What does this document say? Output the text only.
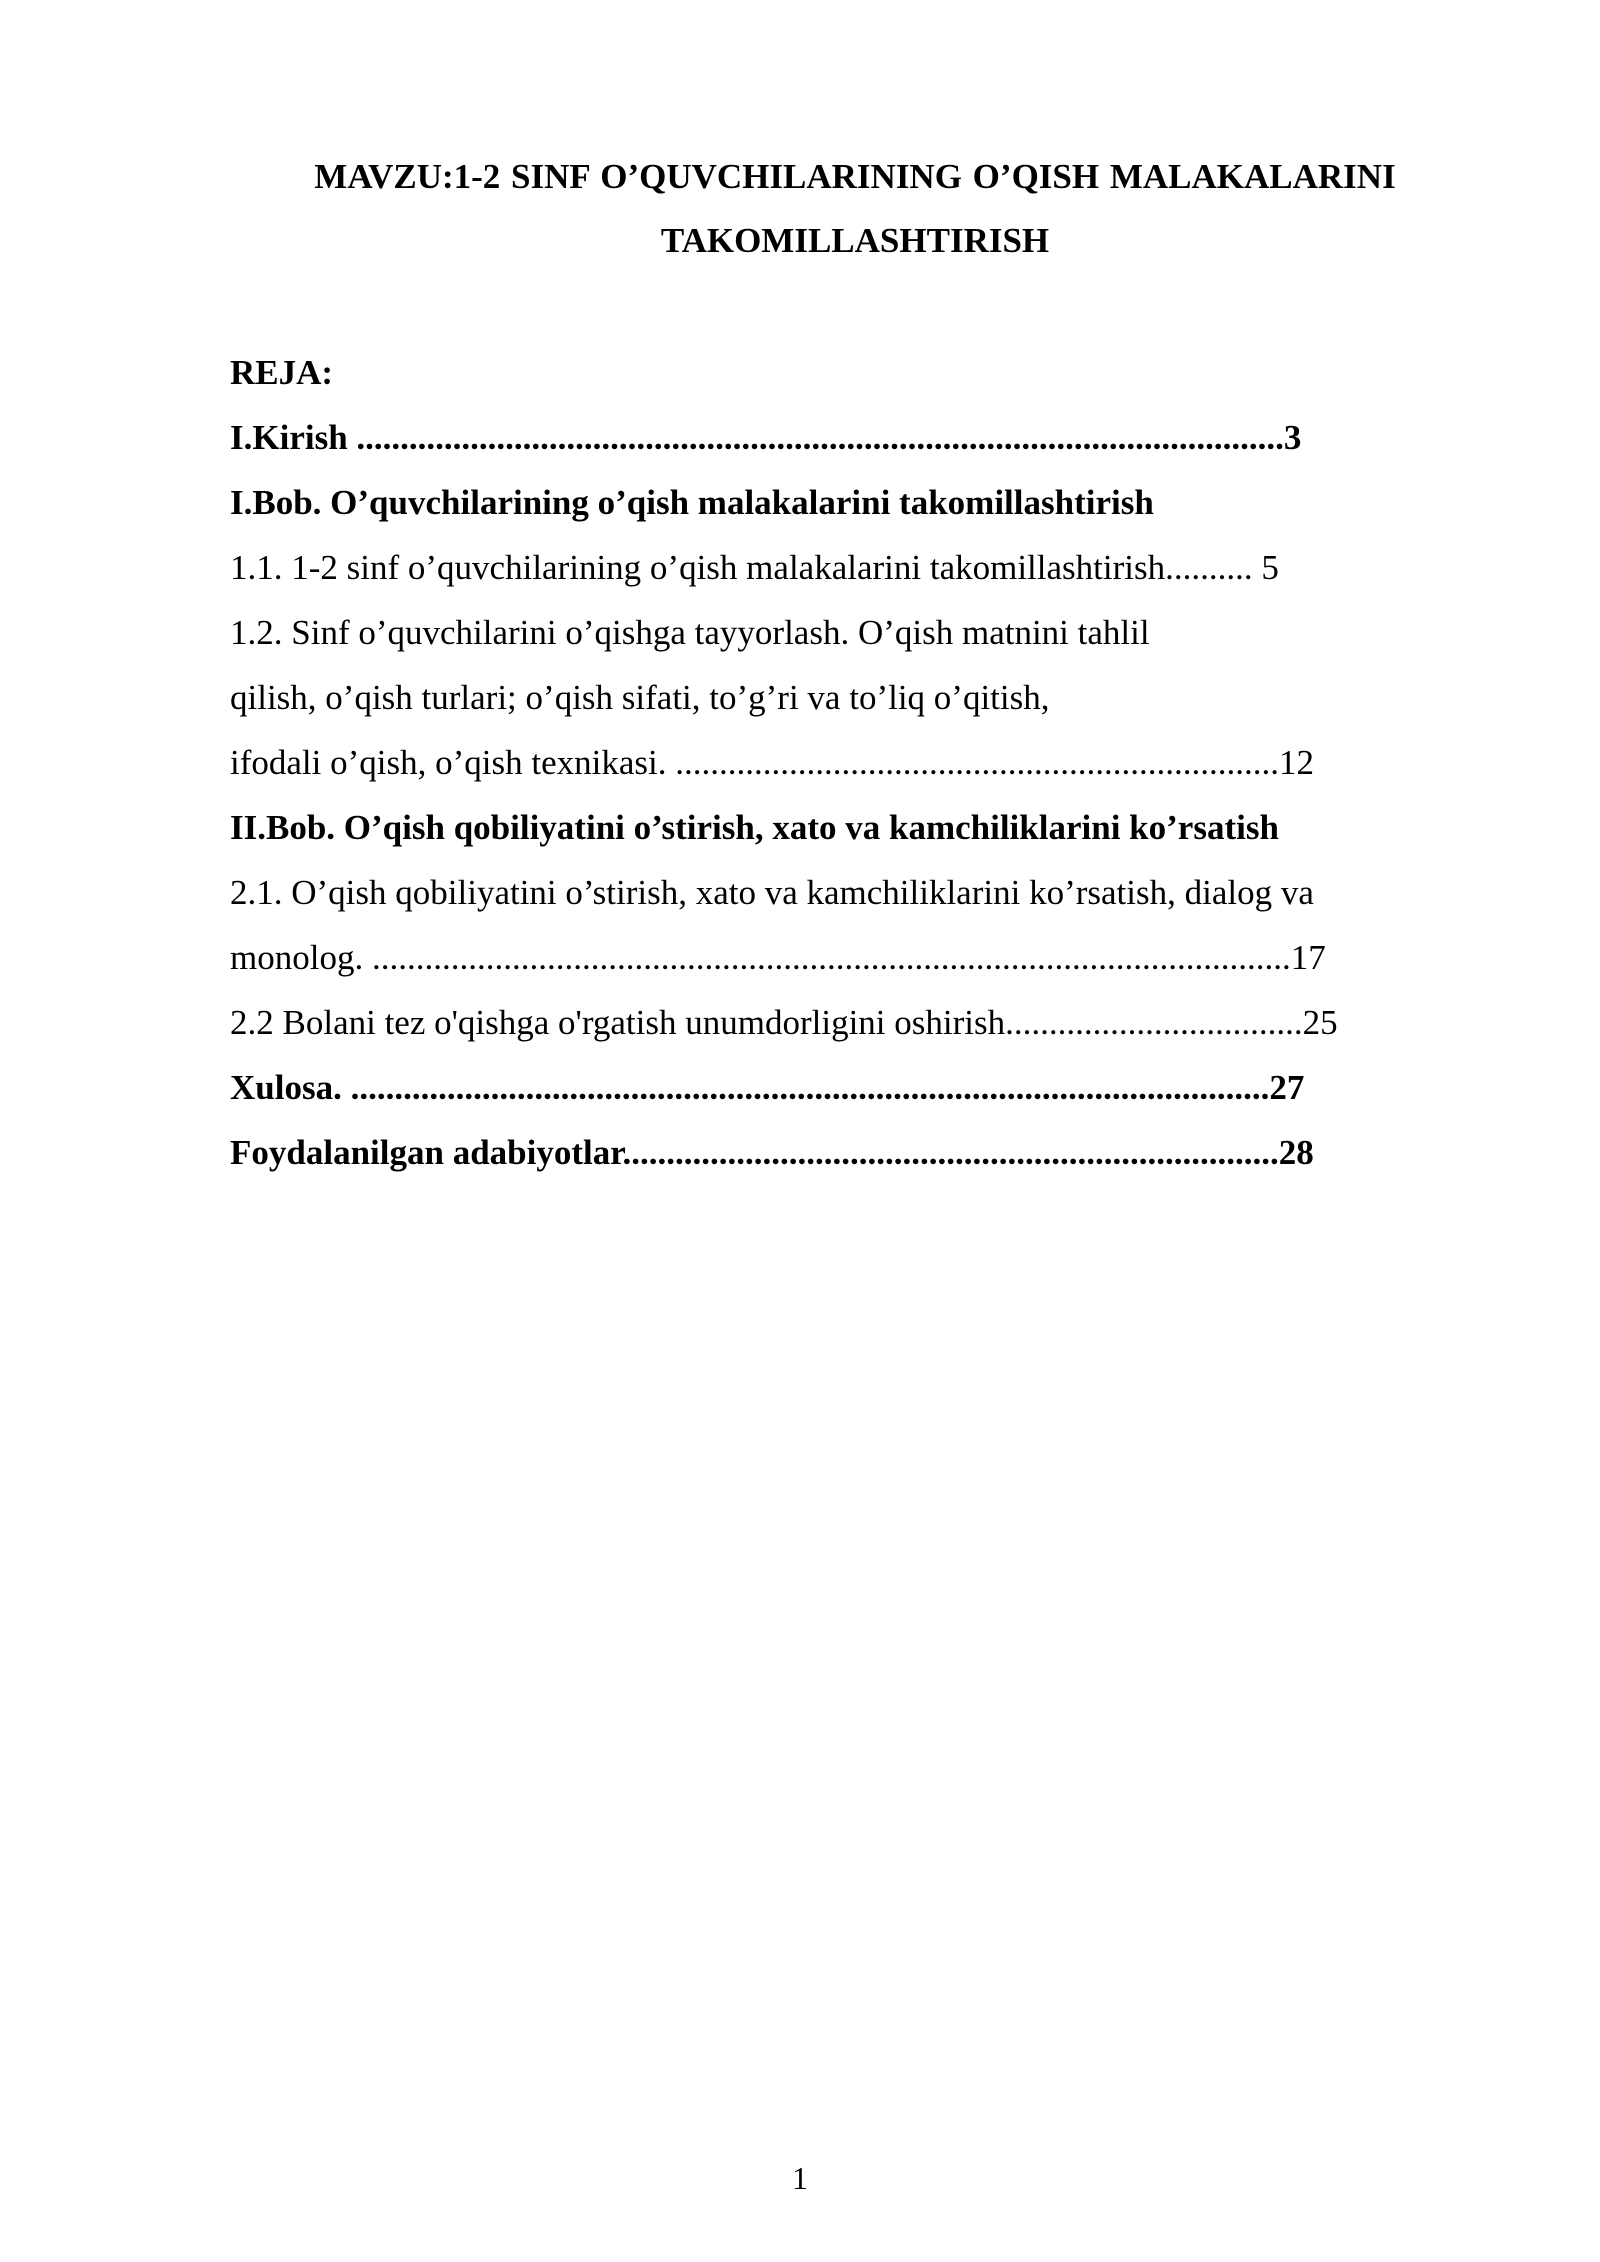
MAVZU:1-2 SINF O’QUVCHILARINING O’QISH MALAKALARINI
TAKOMILLASHTIRISH
REJA:
I.Kirish ..........................................................................................................3
I.Bob. O’quvchilarining o’qish malakalarini takomillashtirish
1.1. 1-2 sinf o’quvchilarining o’qish malakalarini takomillashtirish.......... 5
1.2. Sinf o’quvchilarini o’qishga tayyorlash. O’qish matnini tahlil
qilish, o’qish turlari; o’qish sifati, to’g’ri va to’liq o’qitish,
ifodali o’qish, o’qish texnikasi. .....................................................................12
II.Bob. O’qish qobiliyatini o’stirish, xato va kamchiliklarini ko’rsatish
2.1. O’qish qobiliyatini o’stirish, xato va kamchiliklarini ko’rsatish, dialog va
monolog. .........................................................................................................17
2.2 Bolani tez o'qishga o'rgatish unumdorligini oshirish..................................25
Xulosa. .........................................................................................................27
Foydalanilgan adabiyotlar...........................................................................28
1
